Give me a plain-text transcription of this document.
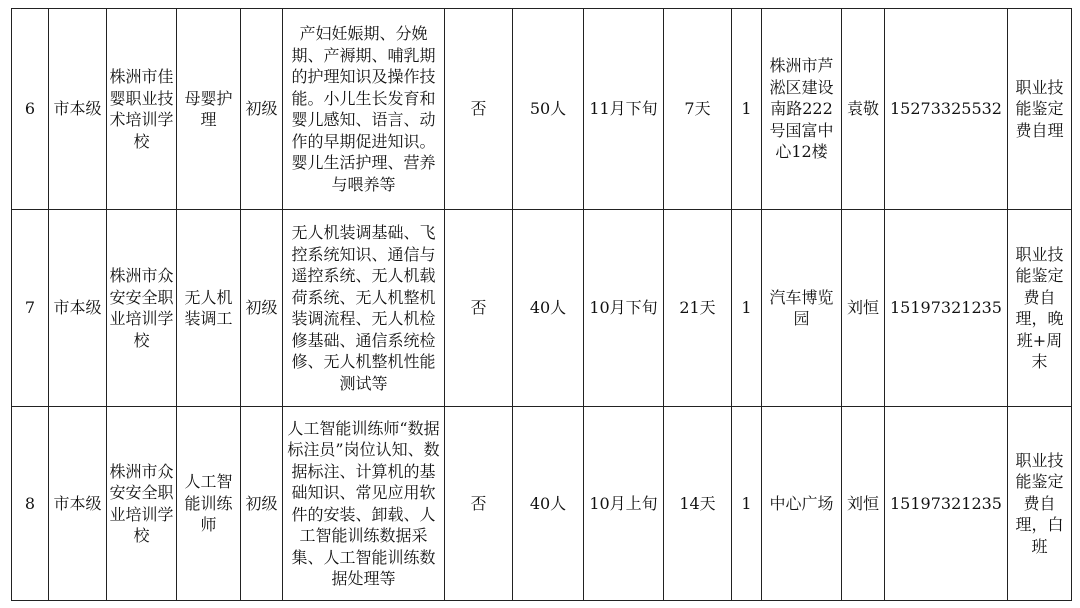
6	市本级	株洲市佳婴职业技术培训学校	母婴护理	初级	产妇妊娠期、分娩期、产褥期、哺乳期的护理知识及操作技能。小儿生长发育和婴儿感知、语言、动作的早期促进知识。婴儿生活护理、营养与喂养等	否	50人	11月下旬	7天	1	株洲市芦淞区建设南路222号国富中心12楼	袁敬	15273325532	职业技能鉴定费自理
7	市本级	株洲市众安安全职业培训学校	无人机装调工	初级	无人机装调基础、飞控系统知识、通信与遥控系统、无人机载荷系统、无人机整机装调流程、无人机检修基础、通信系统检修、无人机整机性能测试等	否	40人	10月下旬	21天	1	汽车博览园	刘恒	15197321235	职业技能鉴定费自理，晚班+周末
8	市本级	株洲市众安安全职业培训学校	人工智能训练师	初级	人工智能训练师“数据标注员”岗位认知、数据标注、计算机的基础知识、常见应用软件的安装、卸载、人工智能训练数据采集、人工智能训练数据处理等	否	40人	10月上旬	14天	1	中心广场	刘恒	15197321235	职业技能鉴定费自理，白班
